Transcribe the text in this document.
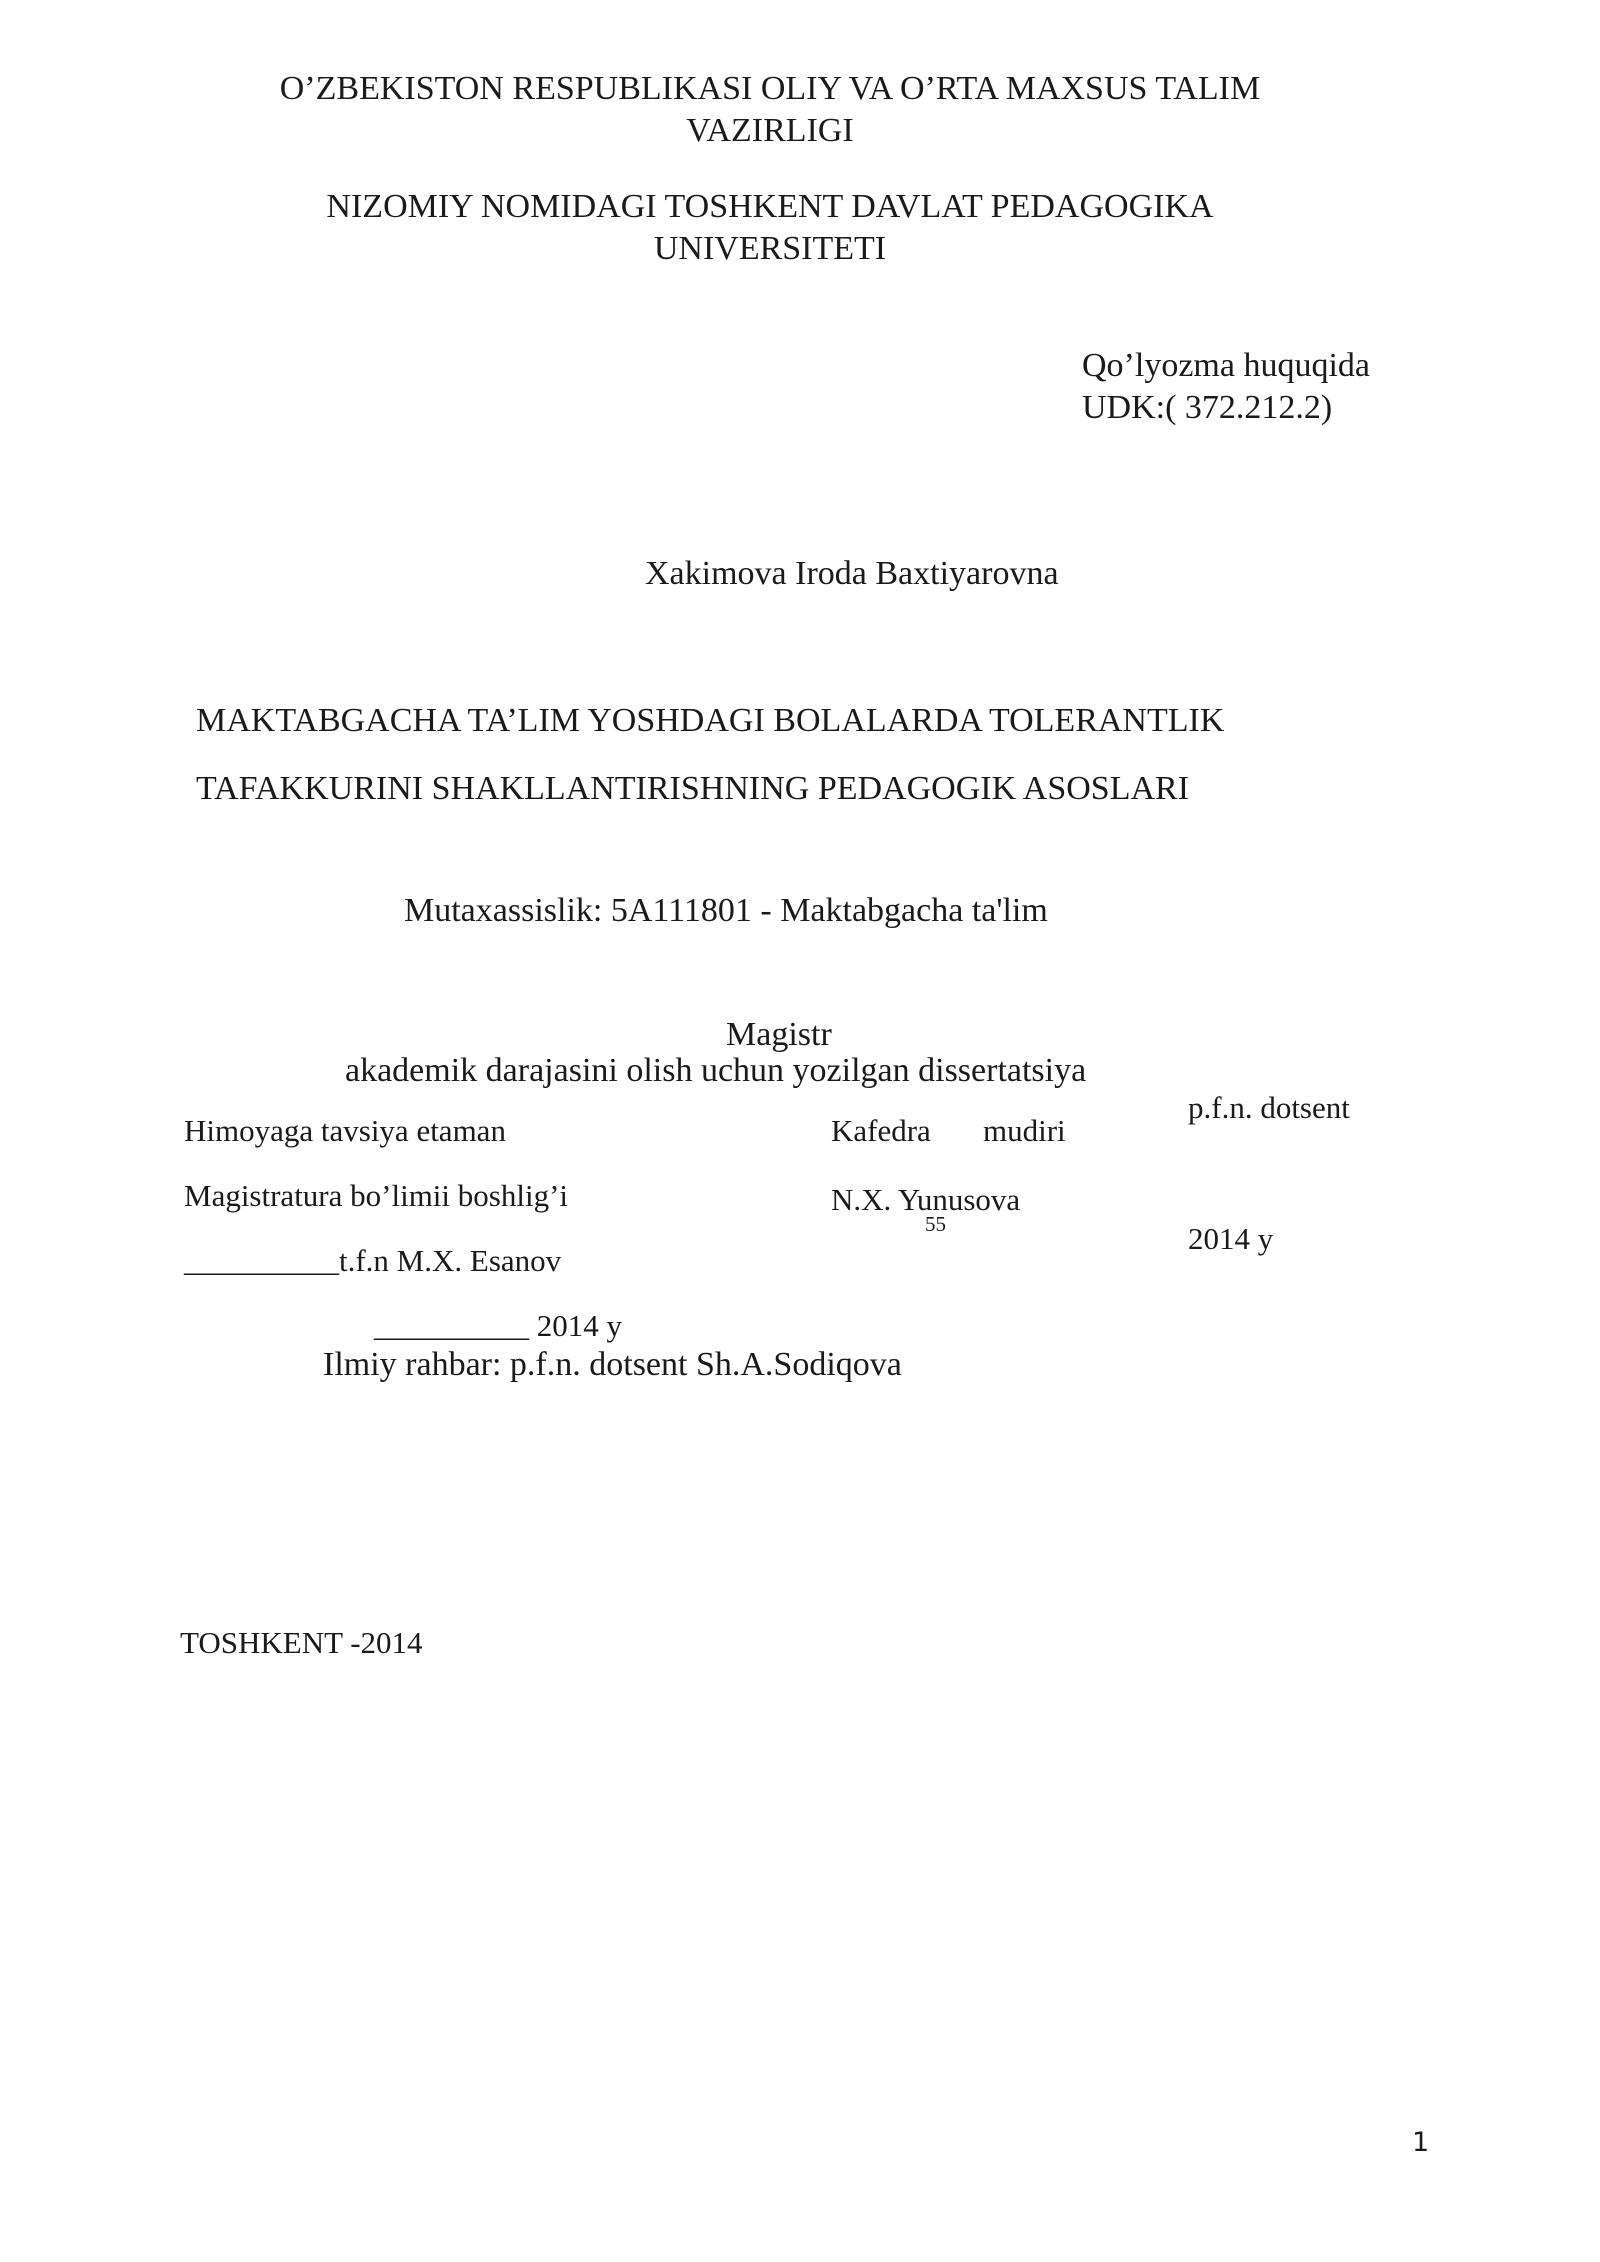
O’ZBEKISTON RESPUBLIKASI OLIY VA O’RTA MAXSUS TALIM
VAZIRLIGI
NIZOMIY NOMIDAGI TOSHKENT DAVLAT PEDAGOGIKA
UNIVERSITETI
Qo’lyozma huquqida
UDK:( 372.212.2)
Xakimova Iroda Baxtiyarovna
MAKTABGACHA TA’LIM YOSHDAGI BOLALARDA TOLERANTLIK
TAFAKKURINI SHAKLLANTIRISHNING PEDAGOGIK ASOSLARI
Mutaxassislik: 5A111801 - Maktabgacha ta'lim
Magistr
akademik darajasini olish uchun yozilgan dissertatsiya
Himoyaga tavsiya etaman
Magistratura bo’limii boshlig’i
__________t.f.n M.X. Esanov
__________ 2014 y
Kafedra mudiri
N.X. Yunusova
55
p.f.n. dotsent
2014 y
Ilmiy rahbar: p.f.n. dotsent Sh.A.Sodiqova
TOSHKENT -2014
1
